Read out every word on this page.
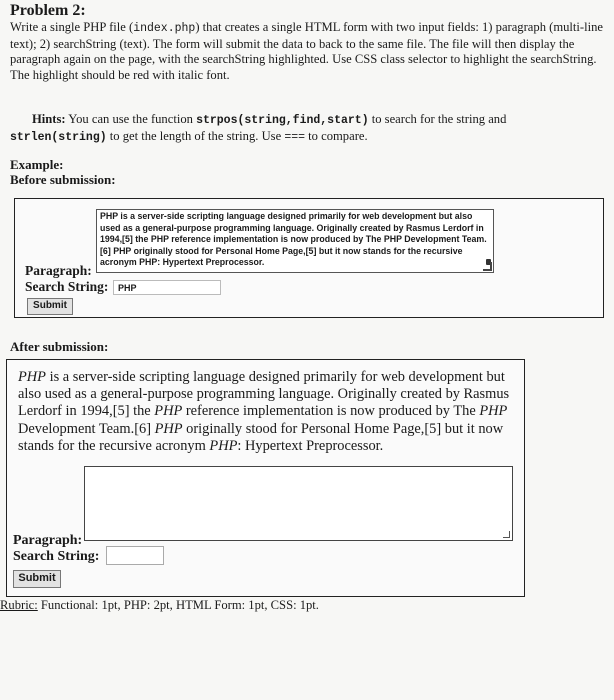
Problem 2:
Write a single PHP file (index.php) that creates a single HTML form with two input fields: 1) paragraph (multi-line text); 2) searchString (text). The form will submit the data to back to the same file. The file will then display the paragraph again on the page, with the searchString highlighted. Use CSS class selector to highlight the searchString. The highlight should be red with italic font.
Hints: You can use the function strpos(string,find,start) to search for the string and strlen(string) to get the length of the string. Use === to compare.
Example:
Before submission:
PHP is a server-side scripting language designed primarily for web development but also used as a general-purpose programming language. Originally created by Rasmus Lerdorf in 1994,[5] the PHP reference implementation is now produced by The PHP Development Team.[6] PHP originally stood for Personal Home Page,[5] but it now stands for the recursive acronym PHP: Hypertext Preprocessor.
Paragraph:
Search String:	PHP
Submit
After submission:
PHP is a server-side scripting language designed primarily for web development but also used as a general-purpose programming language. Originally created by Rasmus Lerdorf in 1994,[5] the PHP reference implementation is now produced by The PHP Development Team.[6] PHP originally stood for Personal Home Page,[5] but it now stands for the recursive acronym PHP: Hypertext Preprocessor.
Paragraph:
Search String:
Submit
Rubric: Functional: 1pt, PHP: 2pt, HTML Form: 1pt, CSS: 1pt.
